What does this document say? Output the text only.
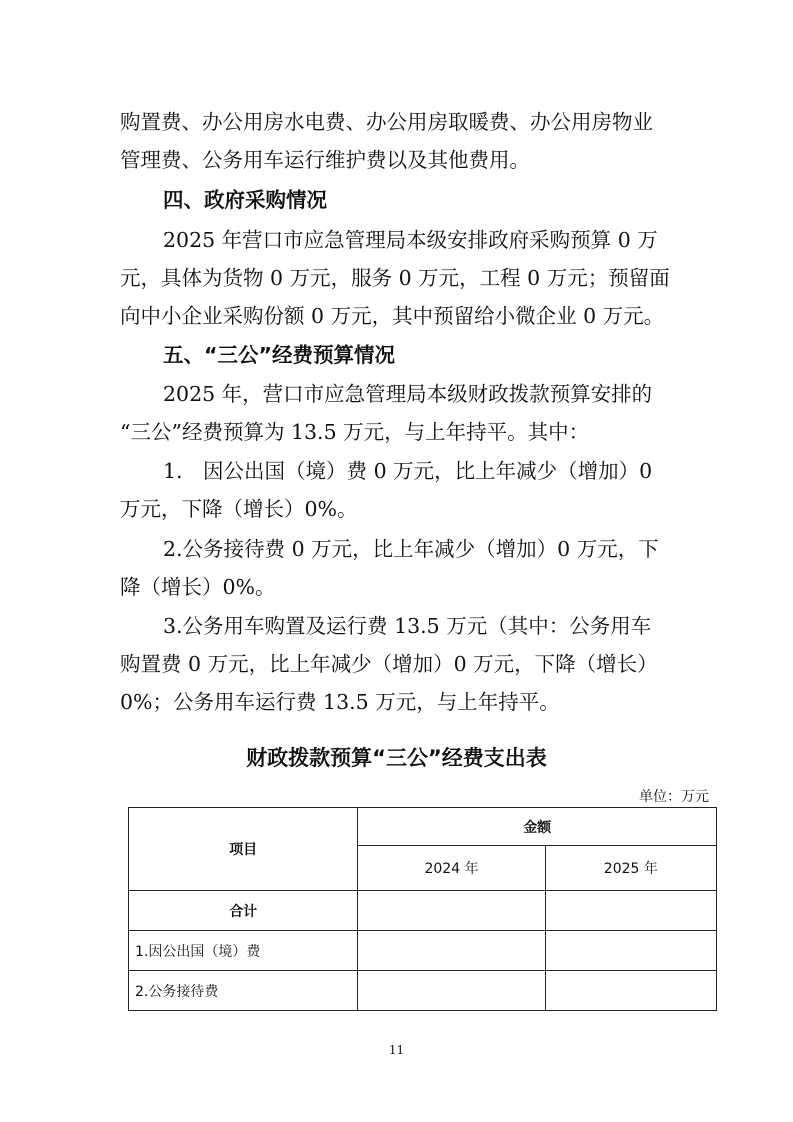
购置费、办公用房水电费、办公用房取暖费、办公用房物业
管理费、公务用车运行维护费以及其他费用。
四、政府采购情况
2025 年营口市应急管理局本级安排政府采购预算 0 万
元，具体为货物 0 万元，服务 0 万元，工程 0 万元；预留面
向中小企业采购份额 0 万元，其中预留给小微企业 0 万元。
五、“三公”经费预算情况
2025 年，营口市应急管理局本级财政拨款预算安排的
“三公”经费预算为 13.5 万元，与上年持平。其中：
1.　因公出国（境）费 0 万元，比上年减少（增加）0
万元，下降（增长）0%。
2.公务接待费 0 万元，比上年减少（增加）0 万元，下
降（增长）0%。
3.公务用车购置及运行费 13.5 万元（其中：公务用车
购置费 0 万元，比上年减少（增加）0 万元，下降（增长）
0%；公务用车运行费 13.5 万元，与上年持平。
财政拨款预算“三公”经费支出表
单位：万元
项目	金额	
	2024 年	2025 年
合计		
1.因公出国（境）费		
2.公务接待费		
11
